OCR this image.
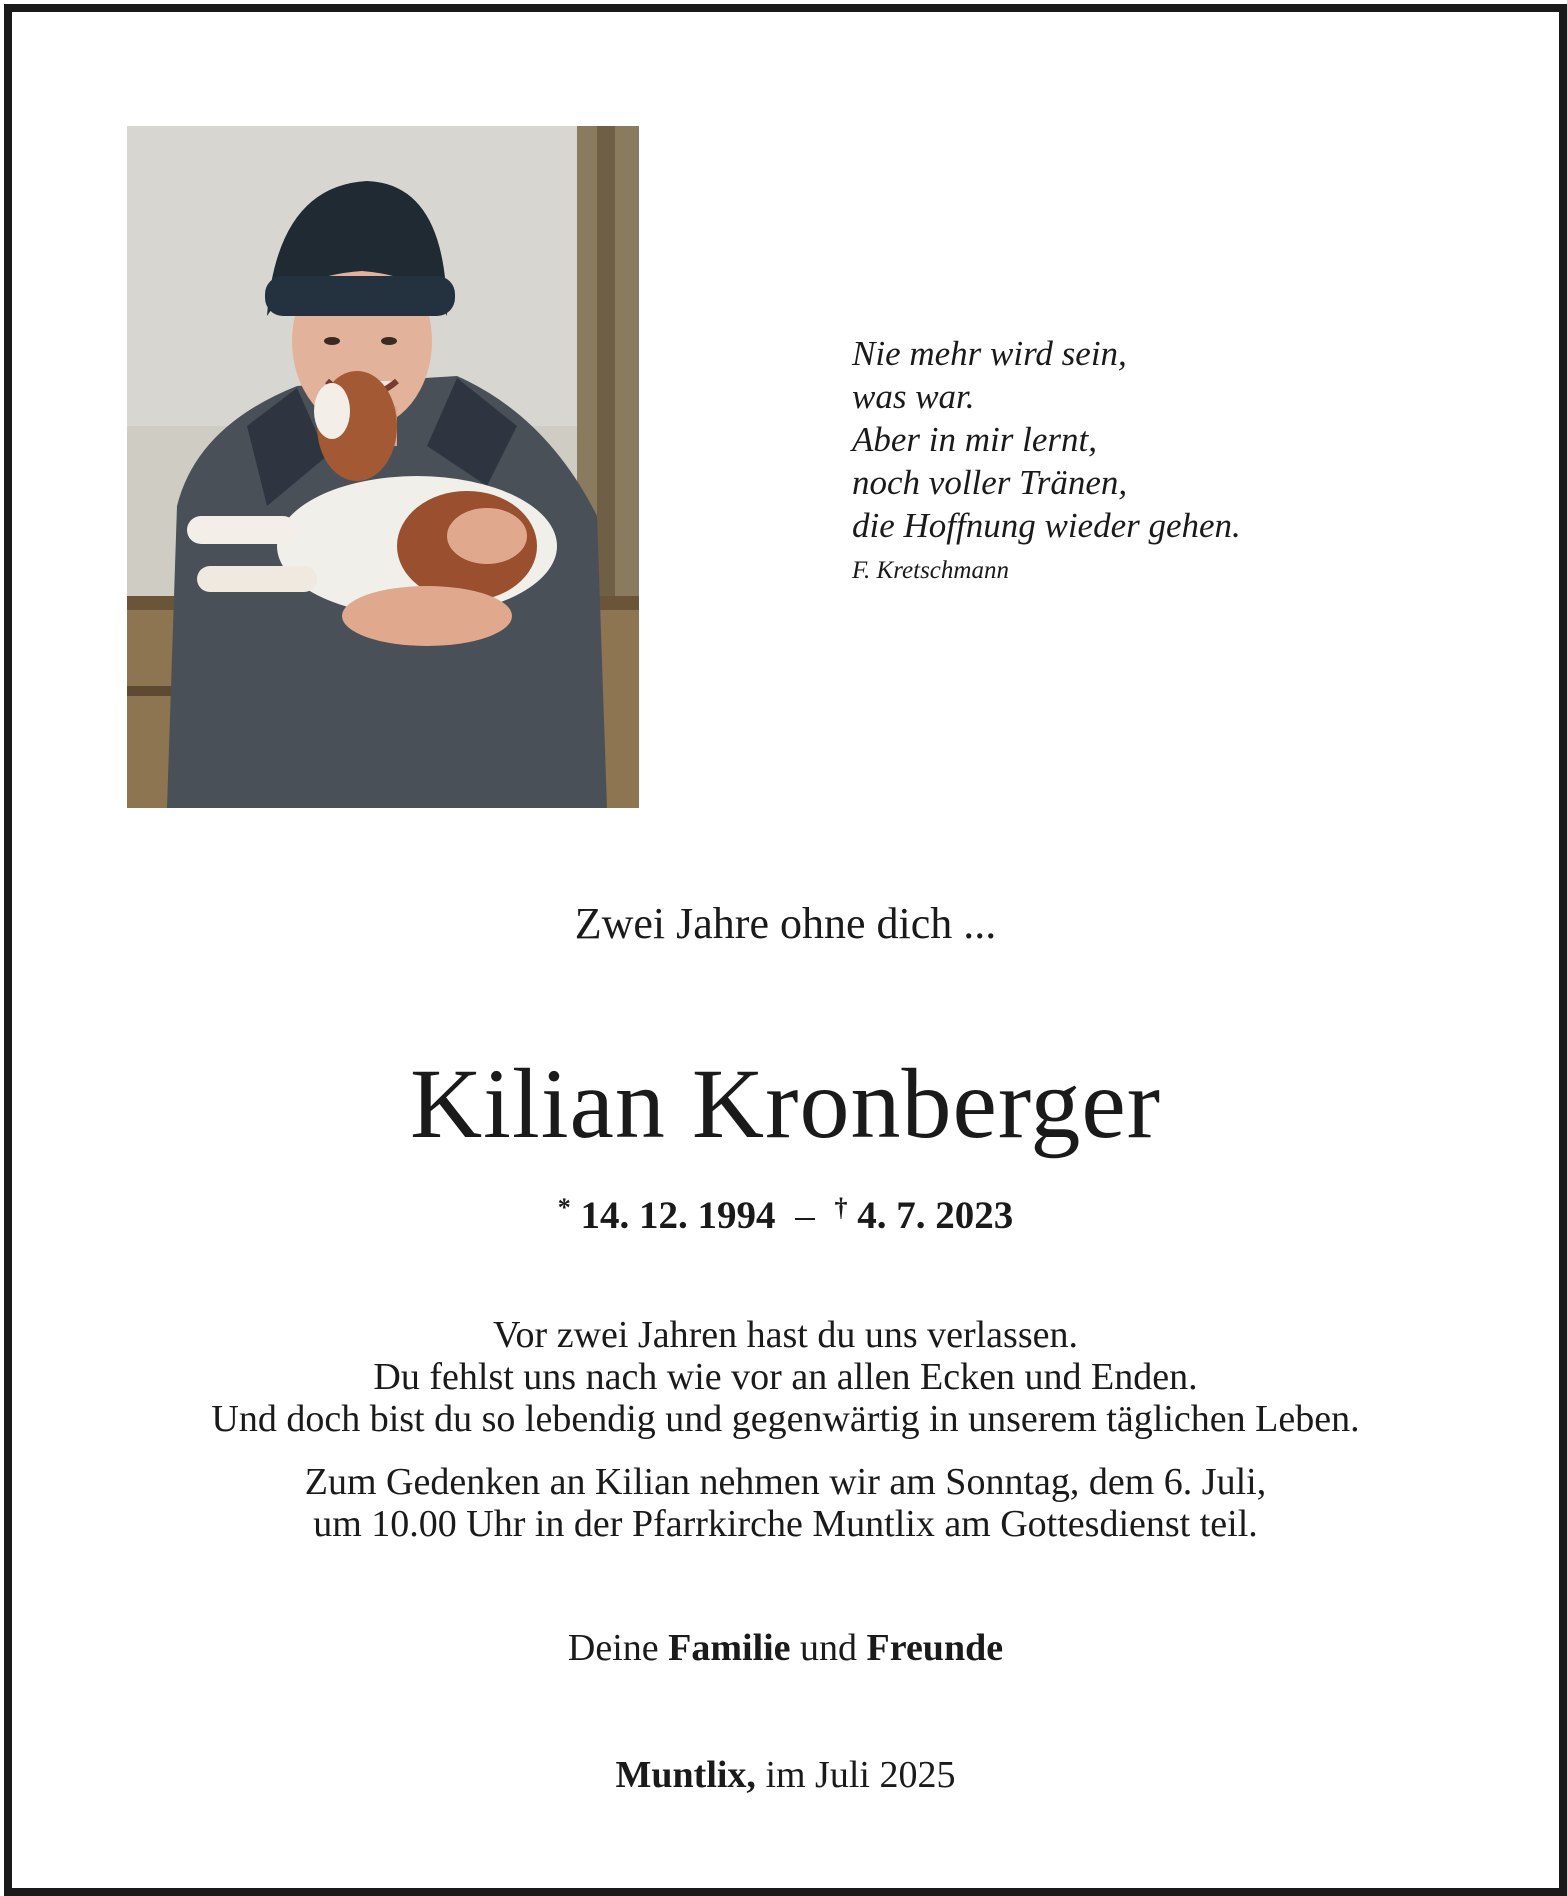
Nie mehr wird sein,
was war.
Aber in mir lernt,
noch voller Tränen,
die Hoffnung wieder gehen.
F. Kretschmann
Zwei Jahre ohne dich ...
Kilian Kronberger
* 14. 12. 1994 – † 4. 7. 2023
Vor zwei Jahren hast du uns verlassen.
Du fehlst uns nach wie vor an allen Ecken und Enden.
Und doch bist du so lebendig und gegenwärtig in unserem täglichen Leben.
Zum Gedenken an Kilian nehmen wir am Sonntag, dem 6. Juli,
um 10.00 Uhr in der Pfarrkirche Muntlix am Gottesdienst teil.
Deine Familie und Freunde
Muntlix, im Juli 2025
